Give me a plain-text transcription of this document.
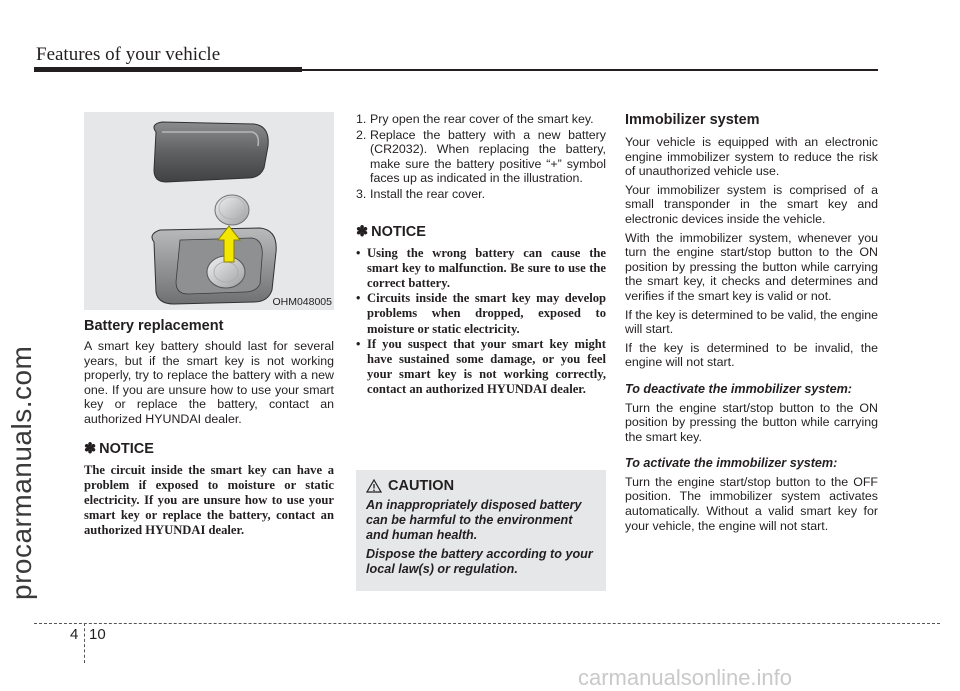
Features of your vehicle
procarmanuals.com
OHM048005
Battery replacement

A smart key battery should last for several years, but if the smart key is not working properly, try to replace the battery with a new one. If you are unsure how to use your smart key or replace the battery, contact an authorized HYUNDAI dealer.

✽ NOTICE

The circuit inside the smart key can have a problem if exposed to moisture or static electricity. If you are unsure how to use your smart key or replace the battery, contact an authorized HYUNDAI dealer.

1. Pry open the rear cover of the smart key.
2. Replace the battery with a new battery (CR2032). When replacing the battery, make sure the battery positive “+” symbol faces up as indicated in the illustration.
3. Install the rear cover.
✽ NOTICE
• Using the wrong battery can cause the smart key to malfunction. Be sure to use the correct battery.
• Circuits inside the smart key may develop problems when dropped, exposed to moisture or static electricity.
• If you suspect that your smart key might have sustained some damage, or you feel your smart key is not working correctly, contact an authorized HYUNDAI dealer.
CAUTION

An inappropriately disposed battery can be harmful to the environment and human health.

Dispose the battery according to your local law(s) or regulation.

Immobilizer system

Your vehicle is equipped with an electronic engine immobilizer system to reduce the risk of unauthorized vehicle use.

Your immobilizer system is comprised of a small transponder in the smart key and electronic devices inside the vehicle.

With the immobilizer system, whenever you turn the engine start/stop button to the ON position by pressing the button while carrying the smart key, it checks and determines and verifies if the smart key is valid or not.

If the key is determined to be valid, the engine will start.

If the key is determined to be invalid, the engine will not start.

To deactivate the immobilizer system:

Turn the engine start/stop button to the ON position by pressing the button while carrying the smart key.

To activate the immobilizer system:

Turn the engine start/stop button to the OFF position. The immobilizer system activates automatically. Without a valid smart key for your vehicle, the engine will not start.

4 10
carmanualsonline.info
